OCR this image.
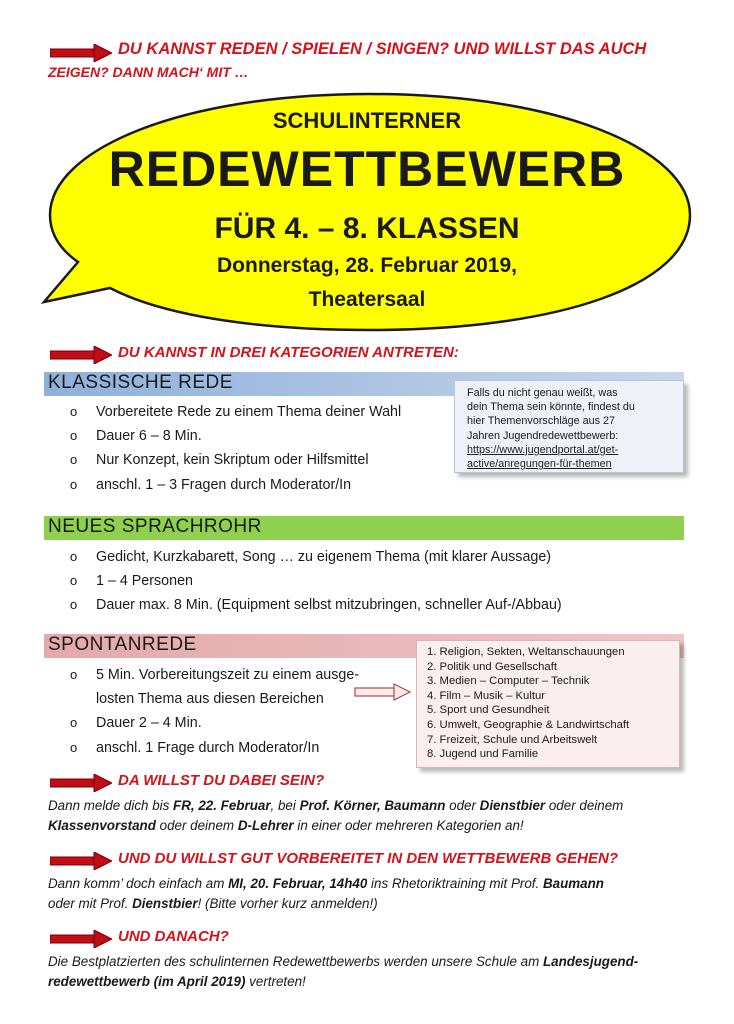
DU KANNST REDEN / SPIELEN / SINGEN? UND WILLST DAS AUCH
ZEIGEN? DANN MACH‘ MIT …
SCHULINTERNER
REDEWETTBEWERB
FÜR 4. – 8. KLASSEN
Donnerstag, 28. Februar 2019,
Theatersaal
DU KANNST IN DREI KATEGORIEN ANTRETEN:
KLASSISCHE REDE
o Vorbereitete Rede zu einem Thema deiner Wahl
o Dauer 6 – 8 Min.
o Nur Konzept, kein Skriptum oder Hilfsmittel
o anschl. 1 – 3 Fragen durch Moderator/In
Falls du nicht genau weißt, was
dein Thema sein könnte, findest du
hier Themenvorschläge aus 27
Jahren Jugendredewettbewerb:
https://www.jugendportal.at/get-
active/anregungen-für-themen
NEUES SPRACHROHR
o Gedicht, Kurzkabarett, Song … zu eigenem Thema (mit klarer Aussage)
o 1 – 4 Personen
o Dauer max. 8 Min. (Equipment selbst mitzubringen, schneller Auf-/Abbau)
SPONTANREDE
o 5 Min. Vorbereitungszeit zu einem ausge-
losten Thema aus diesen Bereichen
o Dauer 2 – 4 Min.
o anschl. 1 Frage durch Moderator/In
1. Religion, Sekten, Weltanschauungen
2. Politik und Gesellschaft
3. Medien – Computer – Technik
4. Film – Musik – Kultur
5. Sport und Gesundheit
6. Umwelt, Geographie & Landwirtschaft
7. Freizeit, Schule und Arbeitswelt
8. Jugend und Familie
DA WILLST DU DABEI SEIN?
Dann melde dich bis FR, 22. Februar, bei Prof. Körner, Baumann oder Dienstbier oder deinem
Klassenvorstand oder deinem D-Lehrer in einer oder mehreren Kategorien an!
UND DU WILLST GUT VORBEREITET IN DEN WETTBEWERB GEHEN?
Dann komm’ doch einfach am MI, 20. Februar, 14h40 ins Rhetoriktraining mit Prof. Baumann
oder mit Prof. Dienstbier! (Bitte vorher kurz anmelden!)
UND DANACH?
Die Bestplatzierten des schulinternen Redewettbewerbs werden unsere Schule am Landesjugend-
redewettbewerb (im April 2019) vertreten!
